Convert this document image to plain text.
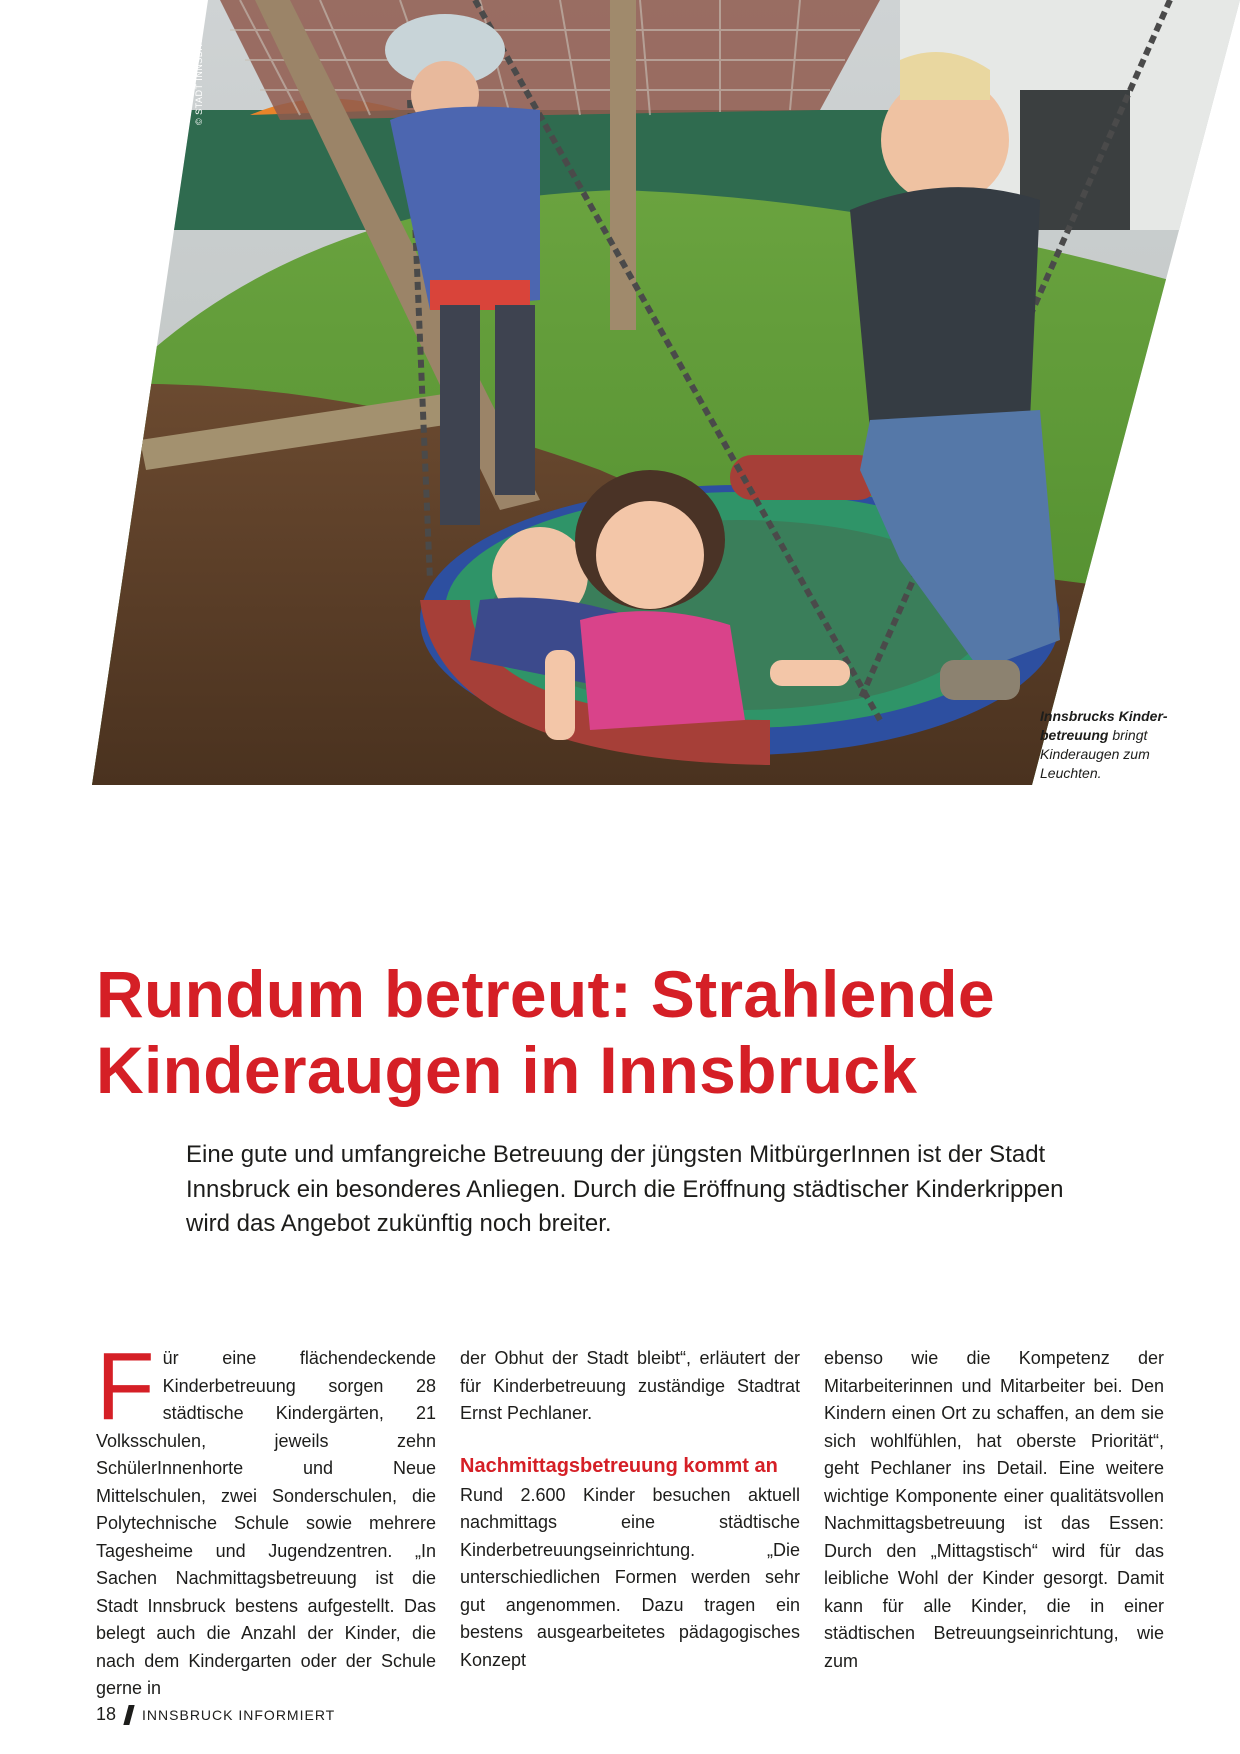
© STADT INNSBRUCK
Innsbrucks Kinder-betreuung bringt Kinderaugen zum Leuchten.
Rundum betreut: Strahlende
Kinderaugen in Innsbruck

Eine gute und umfangreiche Betreuung der jüngsten MitbürgerInnen ist der Stadt Innsbruck ein besonderes Anliegen. Durch die Eröffnung städtischer Kinderkrippen wird das Angebot zukünftig noch breiter.

Für eine flächendeckende Kinderbetreuung sorgen 28 städtische Kindergärten, 21 Volksschulen, jeweils zehn SchülerInnenhorte und Neue Mittelschulen, zwei Sonderschulen, die Polytechnische Schule sowie mehrere Tagesheime und Jugendzentren. „In Sachen Nachmittagsbetreuung ist die Stadt Innsbruck bestens aufgestellt. Das belegt auch die Anzahl der Kinder, die nach dem Kindergarten oder der Schule gerne in

der Obhut der Stadt bleibt“, erläutert der für Kinderbetreuung zuständige Stadtrat Ernst Pechlaner.

Nachmittagsbetreuung kommt an

Rund 2.600 Kinder besuchen aktuell nachmittags eine städtische Kinderbetreuungseinrichtung. „Die unterschiedlichen Formen werden sehr gut angenommen. Dazu tragen ein bestens ausgearbeitetes pädagogisches Konzept

ebenso wie die Kompetenz der Mitarbeiterinnen und Mitarbeiter bei. Den Kindern einen Ort zu schaffen, an dem sie sich wohlfühlen, hat oberste Priorität“, geht Pechlaner ins Detail. Eine weitere wichtige Komponente einer qualitätsvollen Nachmittagsbetreuung ist das Essen: Durch den „Mittagstisch“ wird für das leibliche Wohl der Kinder gesorgt. Damit kann für alle Kinder, die in einer städtischen Betreuungseinrichtung, wie zum

18 INNSBRUCK INFORMIERT
